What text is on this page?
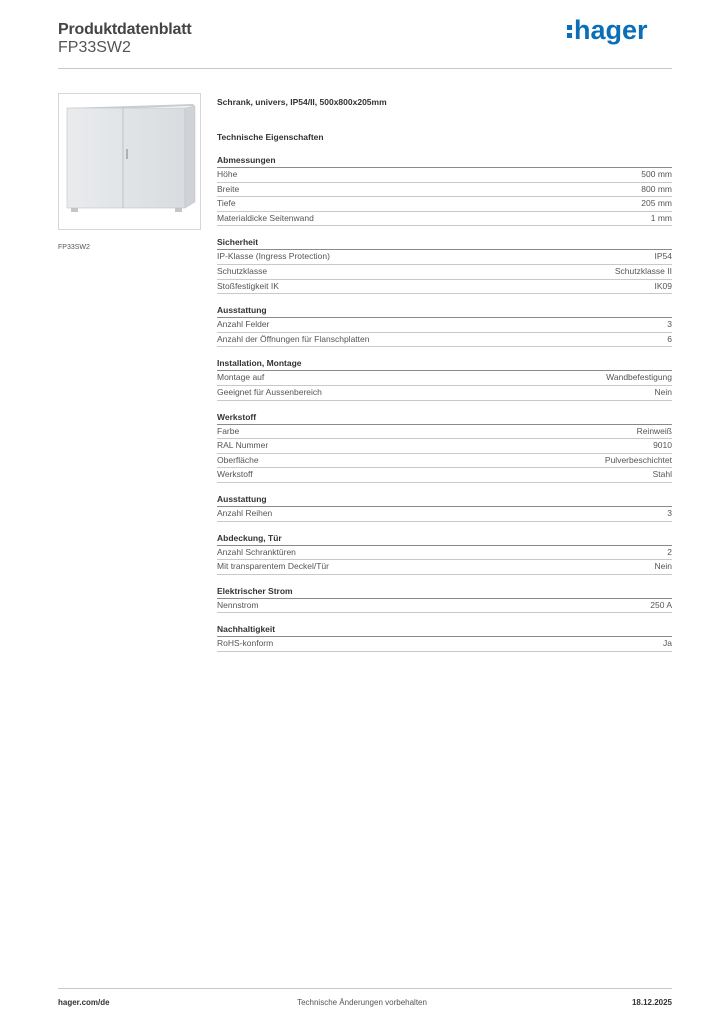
Produktdatenblatt
FP33SW2
hager
FP33SW2
Schrank, univers, IP54/II, 500x800x205mm
Technische Eigenschaften
Abmessungen
Höhe	500 mm
Breite	800 mm
Tiefe	205 mm
Materialdicke Seitenwand	1 mm
Sicherheit
IP-Klasse (Ingress Protection)	IP54
Schutzklasse	Schutzklasse II
Stoßfestigkeit IK	IK09
Ausstattung
Anzahl Felder	3
Anzahl der Öffnungen für Flanschplatten	6
Installation, Montage
Montage auf	Wandbefestigung
Geeignet für Aussenbereich	Nein
Werkstoff
Farbe	Reinweiß
RAL Nummer	9010
Oberfläche	Pulverbeschichtet
Werkstoff	Stahl
Ausstattung
Anzahl Reihen	3
Abdeckung, Tür
Anzahl Schranktüren	2
Mit transparentem Deckel/Tür	Nein
Elektrischer Strom
Nennstrom	250 A
Nachhaltigkeit
RoHS-konform	Ja
hager.com/de	Technische Änderungen vorbehalten	18.12.2025
